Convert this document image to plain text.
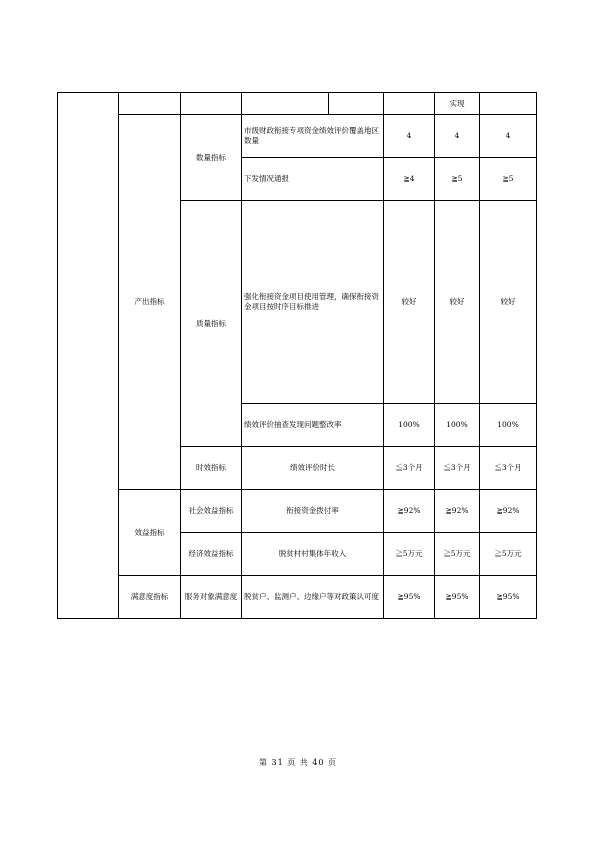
						实现		
	产出指标	数量指标	市级财政衔接专项资金绩效评价覆盖地区数量		4	4	4	
			下发情况通报		≧4	≧5	≧5	
		质量指标	强化衔接资金项目使用管理，确保衔接资金项目按时序目标推进		较好	较好	较好	
			绩效评价抽查发现问题整改率		100%	100%	100%	
		时效指标	绩效评价时长		≦3个月	≦3个月	≦3个月	
	效益指标	社会效益指标	衔接资金拨付率		≧92%	≧92%	≧92%	
		经济效益指标	脱贫村村集体年收入		≧5万元	≧5万元	≧5万元	
	满意度指标	服务对象满意度	脱贫户、监测户、边缘户等对政策认可度		≧95%	≧95%	≧95%	
第 31 页 共 40 页
